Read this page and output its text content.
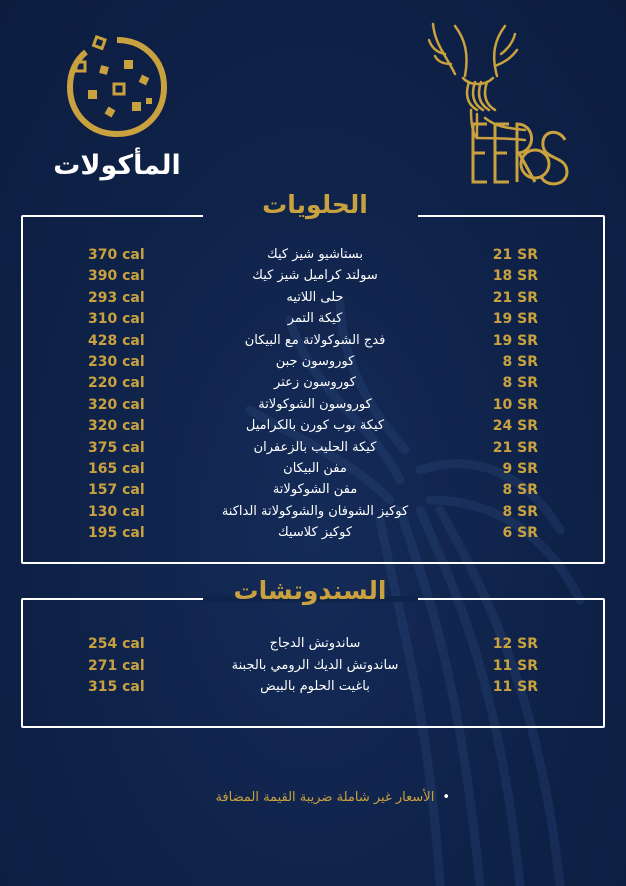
المأكولات
الحلويات
21 SR
بستاشيو شيز كيك
370 cal
18 SR
سولتد كراميل شيز كيك
390 cal
21 SR
حلى اللاتيه
293 cal
19 SR
كيكة التمر
310 cal
19 SR
فدج الشوكولاتة مع البيكان
428 cal
8 SR
كوروسون جبن
230 cal
8 SR
كوروسون زعتر
220 cal
10 SR
كوروسون الشوكولاتة
320 cal
24 SR
كيكة بوب كورن بالكراميل
320 cal
21 SR
كيكة الحليب بالزعفران
375 cal
9 SR
مفن البيكان
165 cal
8 SR
مفن الشوكولاتة
157 cal
8 SR
كوكيز الشوفان والشوكولاتة الداكنة
130 cal
6 SR
كوكيز كلاسيك
195 cal
السندوتشات
12 SR
ساندوتش الدجاج
254 cal
11 SR
ساندوتش الديك الرومي بالجبنة
271 cal
11 SR
باغيت الحلوم بالبيض
315 cal
•الأسعار غير شاملة ضريبة القيمة المضافة
